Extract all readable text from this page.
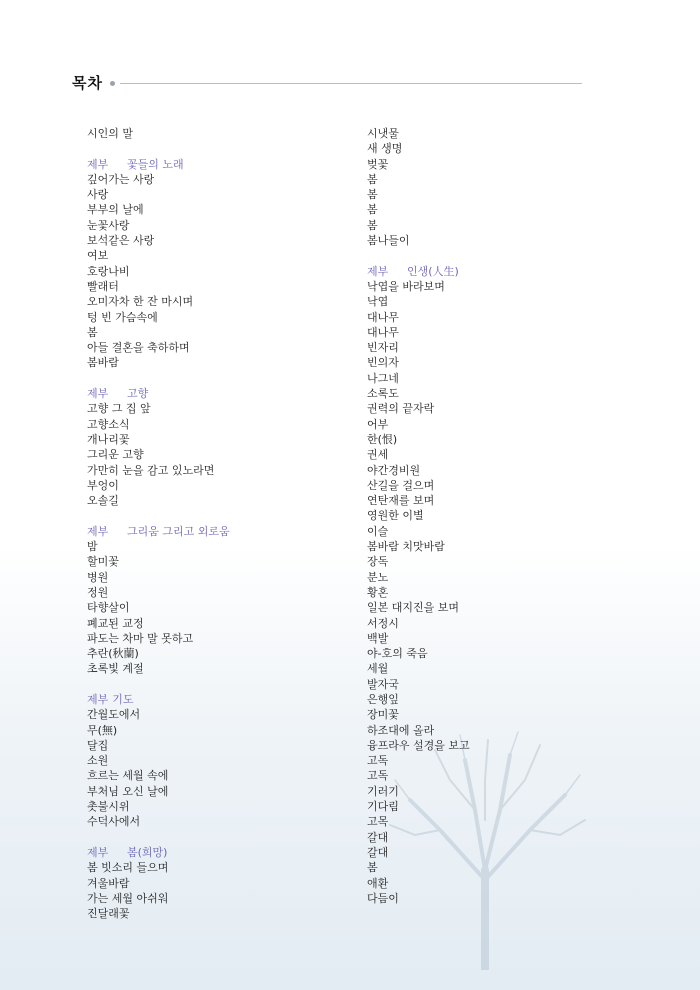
목차
시인의 말
제부 꽃들의 노래
깊어가는 사랑
사랑
부부의 날에
눈꽃사랑
보석같은 사랑
여보
호랑나비
빨래터
오미자차 한 잔 마시며
텅 빈 가슴속에
봄
아들 결혼을 축하하며
봄바람
제부 고향
고향 그 집 앞
고향소식
개나리꽃
그리운 고향
가만히 눈을 감고 있노라면
부엉이
오솔길
제부 그리움 그리고 외로움
밤
할미꽃
병원
정원
타향살이
폐교된 교정
파도는 차마 말 못하고
추란(秋蘭)
초록빛 계절
제부 기도
간월도에서
무(無)
달집
소원
흐르는 세월 속에
부처님 오신 날에
촛불시위
수덕사에서
제부 봄(희망)
봄 빗소리 들으며
겨울바람
가는 세월 아쉬워
진달래꽃
시냇물
새 생명
벚꽃
봄
봄
봄
봄
봄나들이
제부 인생(人生)
낙엽을 바라보며
낙엽
대나무
대나무
빈자리
빈의자
나그네
소록도
권력의 끝자락
어부
한(恨)
권세
야간경비원
산길을 걸으며
연탄재를 보며
영원한 이별
이슬
봄바람 치맛바람
장독
분노
황혼
일본 대지진을 보며
서정시
백발
야-호의 죽음
세월
발자국
은행잎
장미꽃
하조대에 올라
융프라우 설경을 보고
고독
고독
기러기
기다림
고목
갈대
갈대
봄
애환
다듬이
